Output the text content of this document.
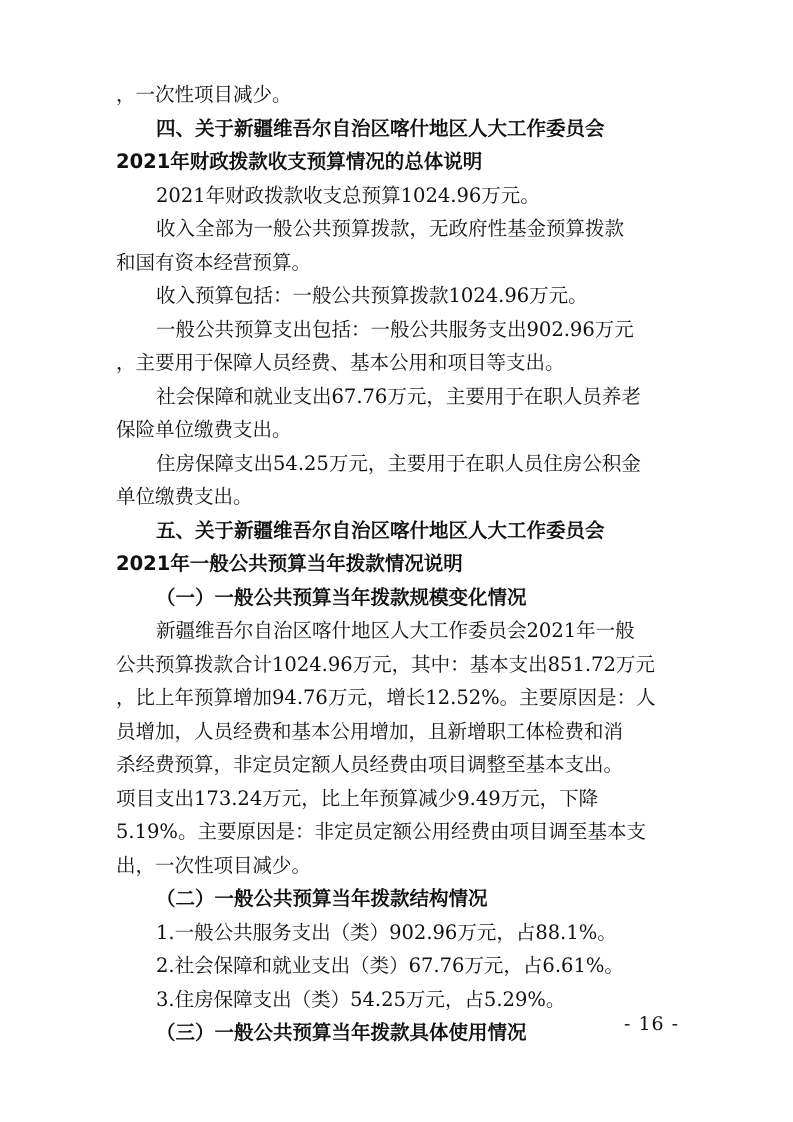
，一次性项目减少。
四、关于新疆维吾尔自治区喀什地区人大工作委员会
2021年财政拨款收支预算情况的总体说明
2021年财政拨款收支总预算1024.96万元。
收入全部为一般公共预算拨款，无政府性基金预算拨款
和国有资本经营预算。
收入预算包括：一般公共预算拨款1024.96万元。
一般公共预算支出包括：一般公共服务支出902.96万元
，主要用于保障人员经费、基本公用和项目等支出。
社会保障和就业支出67.76万元，主要用于在职人员养老
保险单位缴费支出。
住房保障支出54.25万元，主要用于在职人员住房公积金
单位缴费支出。
五、关于新疆维吾尔自治区喀什地区人大工作委员会
2021年一般公共预算当年拨款情况说明
（一）一般公共预算当年拨款规模变化情况
新疆维吾尔自治区喀什地区人大工作委员会2021年一般
公共预算拨款合计1024.96万元，其中：基本支出851.72万元
，比上年预算增加94.76万元，增长12.52%。主要原因是：人
员增加，人员经费和基本公用增加，且新增职工体检费和消
杀经费预算，非定员定额人员经费由项目调整至基本支出。
项目支出173.24万元，比上年预算减少9.49万元，下降
5.19%。主要原因是：非定员定额公用经费由项目调至基本支
出，一次性项目减少。
（二）一般公共预算当年拨款结构情况
1.一般公共服务支出（类）902.96万元，占88.1%。
2.社会保障和就业支出（类）67.76万元，占6.61%。
3.住房保障支出（类）54.25万元，占5.29%。
（三）一般公共预算当年拨款具体使用情况	- 16 -
